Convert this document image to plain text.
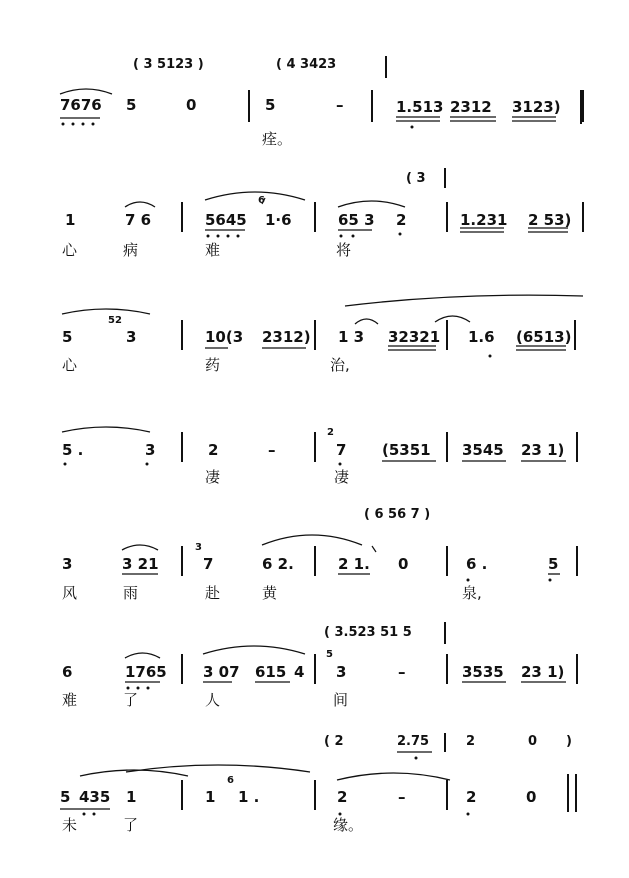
( 3 5123 )	( 4 3423
7676 5	0	5	–	1.513 2312 3123)
痊。
( 3
1	7 6	5645
6
1·6	65 3 2	1.231 2 53)
心	病	难	将
5
52
3	10(3 2312) 1 3 32321 1.6 (6513)
心	药	治,
5 .	3	2	–
2
7 (5351 3545 23 1)
凄	凄
( 6 56 7 )
3	3 21
3
7	6 2.	2 1. 0	6 .	5
风	雨	赴	黄	泉,
( 3.523 51 5
6	1765 3 07 615 4
5
3	–	3535 23 1)
难	了	人	间
( 2	2.75	2	0 )
5 435 1	1
6
1 .	2	–	2	0
未	了	缘。
